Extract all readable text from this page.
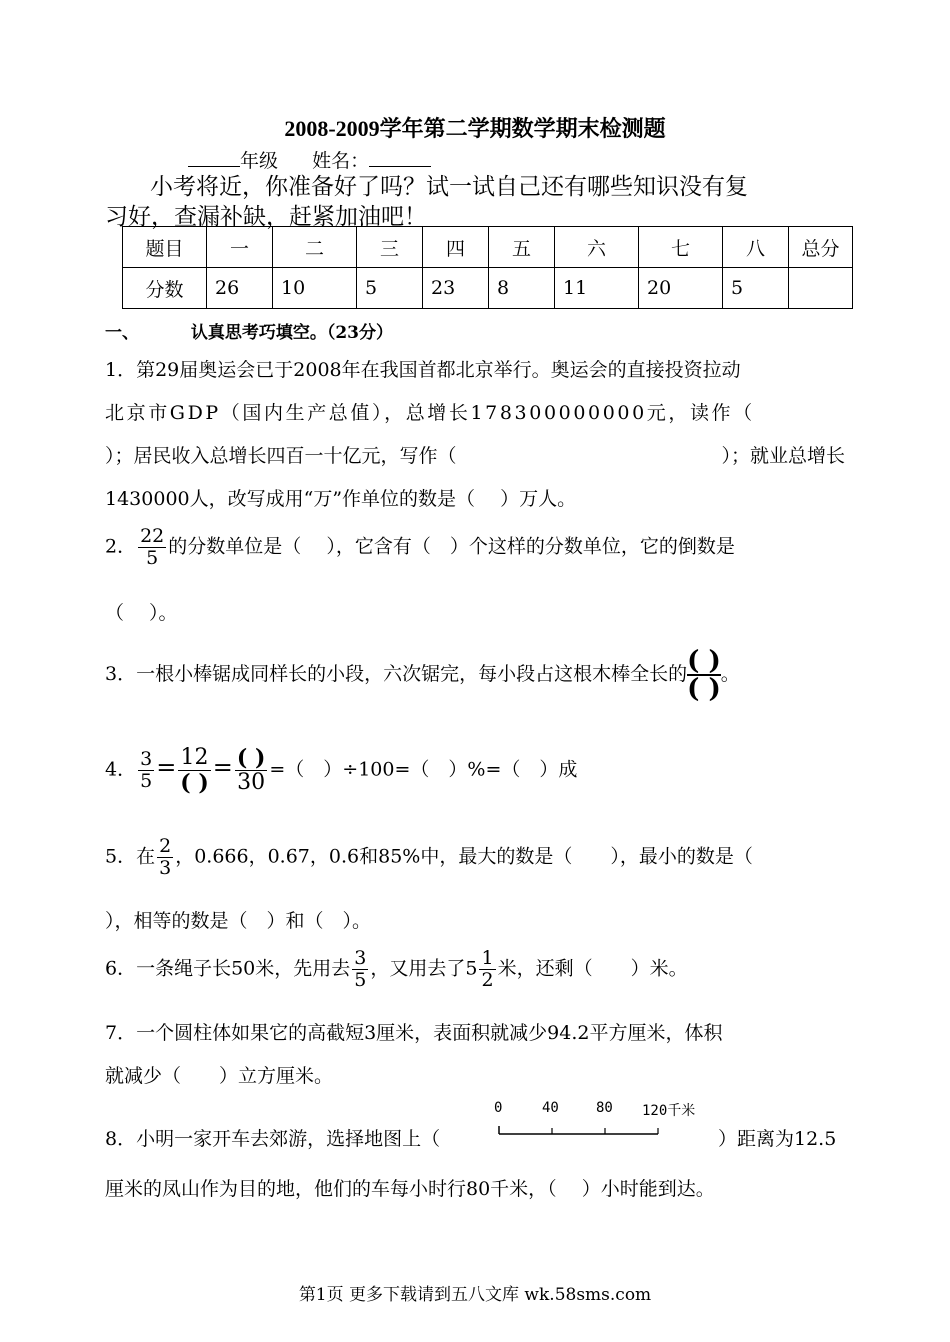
2008-2009学年第二学期数学期末检测题
年级 姓名：
小考将近，你准备好了吗？试一试自己还有哪些知识没有复
习好，查漏补缺，赶紧加油吧！
题目	一	二	三	四	五	六	七	八	总分
分数	26	10	5	23	8	11	20	5	
一、	认真思考巧填空。（23分）
1．第29届奥运会已于2008年在我国首都北京举行。奥运会的直接投资拉动
北京市GDP（国内生产总值），总增长178300000000元，读作（
）；居民收入总增长四百一十亿元，写作（	）；就业总增长
1430000人，改写成用“万”作单位的数是（　 ）万人。
2． $\frac{22}{5}$ 的分数单位是（　 ），它含有（　）个这样的分数单位，它的倒数是
（　 ）。
3．一根小棒锯成同样长的小段，六次锯完，每小段占这根木棒全长的 $\frac{( )}{( )}$。
4． $\frac{3}{5} = \frac{12}{( )} = \frac{( )}{30}$ =（　）÷100=（　）%=（　）成
5．在 $\frac{2}{3}$ ，0.666，0.67，0.6和85%中，最大的数是（　　），最小的数是（
），相等的数是（　）和（　）。
6．一条绳子长50米，先用去 $\frac{3}{5}$ ，又用去了$5 \frac{1}{2}$ 米，还剩（　　）米。
7．一个圆柱体如果它的高截短3厘米，表面积就减少94.2平方厘米，体积
就减少（　　）立方厘米。
8．小明一家开车去郊游，选择地图上（
0	40	80 120千米
）距离为12.5
厘米的凤山作为目的地，他们的车每小时行80千米，（　 ）小时能到达。
第1页 更多下载请到五八文库 wk.58sms.com
